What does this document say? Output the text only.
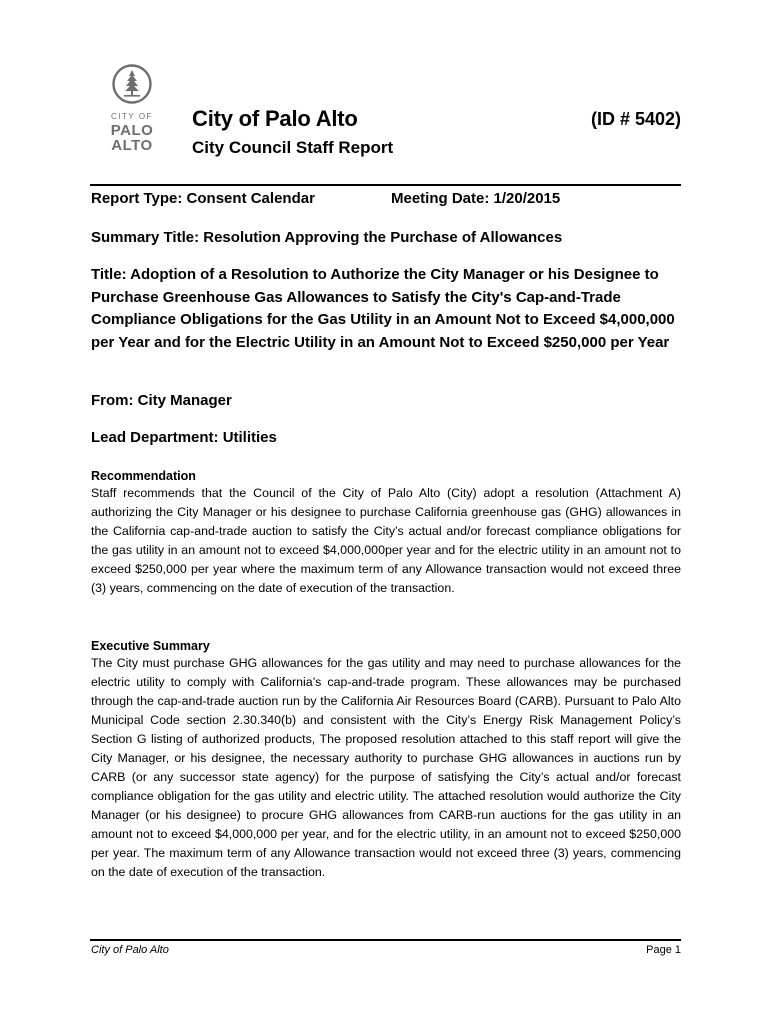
CITY OF
PALO
ALTO
City of Palo Alto	(ID # 5402)
City Council Staff Report
Report Type: Consent Calendar	Meeting Date: 1/20/2015
Summary Title: Resolution Approving the Purchase of Allowances
Title: Adoption of a Resolution to Authorize the City Manager or his Designee to Purchase Greenhouse Gas Allowances to Satisfy the City's Cap-and-Trade Compliance Obligations for the Gas Utility in an Amount Not to Exceed $4,000,000 per Year and for the Electric Utility in an Amount Not to Exceed $250,000 per Year
From: City Manager
Lead Department: Utilities
Recommendation
Staff recommends that the Council of the City of Palo Alto (City) adopt a resolution (Attachment A) authorizing the City Manager or his designee to purchase California greenhouse gas (GHG) allowances in the California cap-and-trade auction to satisfy the City’s actual and/or forecast compliance obligations for the gas utility in an amount not to exceed $4,000,000per year and for the electric utility in an amount not to exceed $250,000 per year where the maximum term of any Allowance transaction would not exceed three (3) years, commencing on the date of execution of the transaction.
Executive Summary
The City must purchase GHG allowances for the gas utility and may need to purchase allowances for the electric utility to comply with California’s cap-and-trade program. These allowances may be purchased through the cap-and-trade auction run by the California Air Resources Board (CARB). Pursuant to Palo Alto Municipal Code section 2.30.340(b) and consistent with the City’s Energy Risk Management Policy’s Section G listing of authorized products, The proposed resolution attached to this staff report will give the City Manager, or his designee, the necessary authority to purchase GHG allowances in auctions run by CARB (or any successor state agency) for the purpose of satisfying the City’s actual and/or forecast compliance obligation for the gas utility and electric utility. The attached resolution would authorize the City Manager (or his designee) to procure GHG allowances from CARB-run auctions for the gas utility in an amount not to exceed $4,000,000 per year, and for the electric utility, in an amount not to exceed $250,000 per year. The maximum term of any Allowance transaction would not exceed three (3) years, commencing on the date of execution of the transaction.
City of Palo Alto	Page 1
